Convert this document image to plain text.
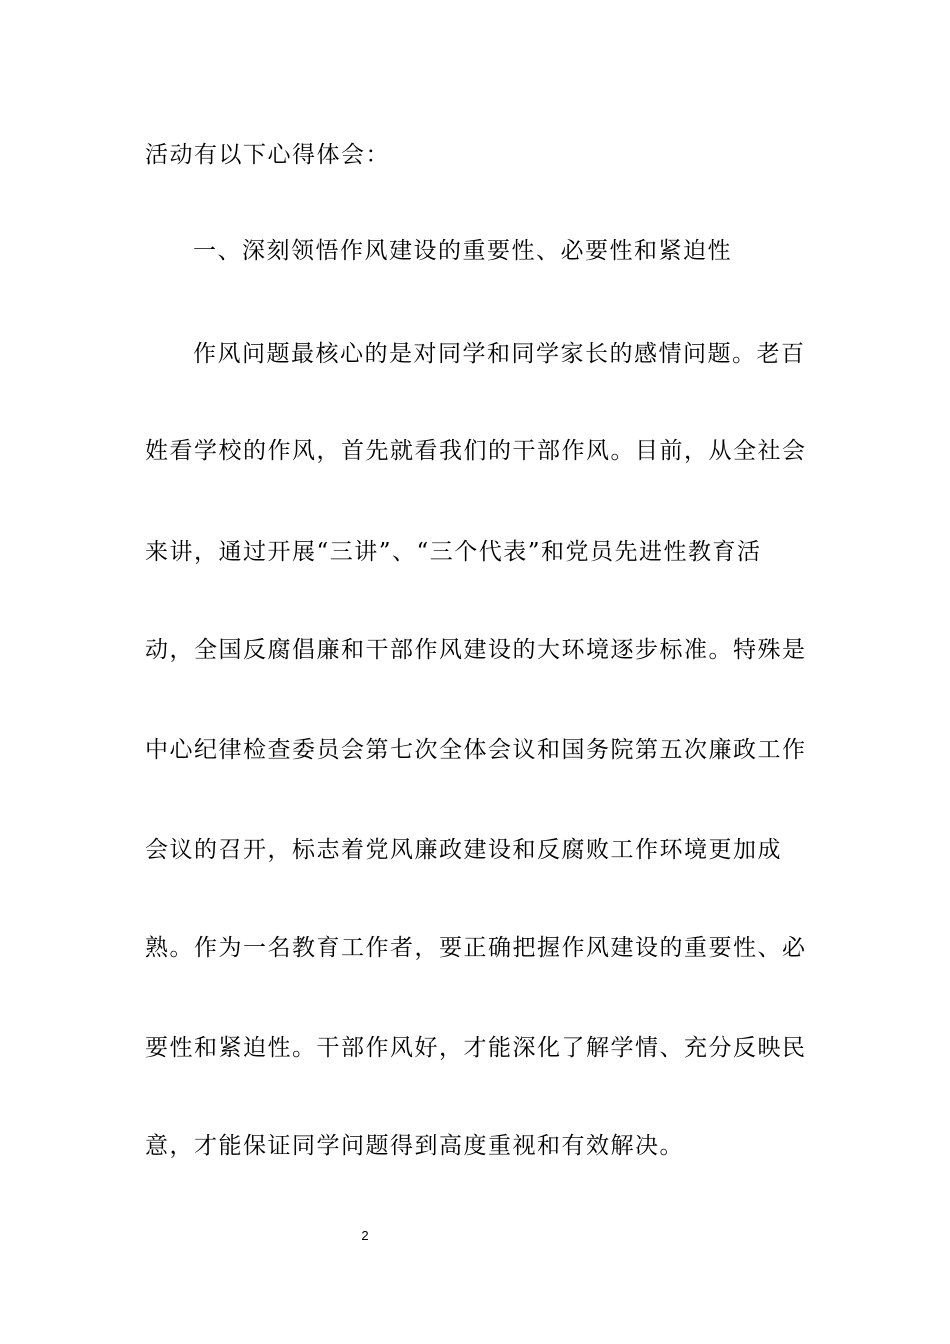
活动有以下心得体会：

一、深刻领悟作风建设的重要性、必要性和紧迫性

作风问题最核心的是对同学和同学家长的感情问题。老百

姓看学校的作风，首先就看我们的干部作风。目前，从全社会

来讲，通过开展“三讲”、“三个代表”和党员先进性教育活

动，全国反腐倡廉和干部作风建设的大环境逐步标准。特殊是

中心纪律检查委员会第七次全体会议和国务院第五次廉政工作

会议的召开，标志着党风廉政建设和反腐败工作环境更加成

熟。作为一名教育工作者，要正确把握作风建设的重要性、必

要性和紧迫性。干部作风好，才能深化了解学情、充分反映民

意，才能保证同学问题得到高度重视和有效解决。

2
